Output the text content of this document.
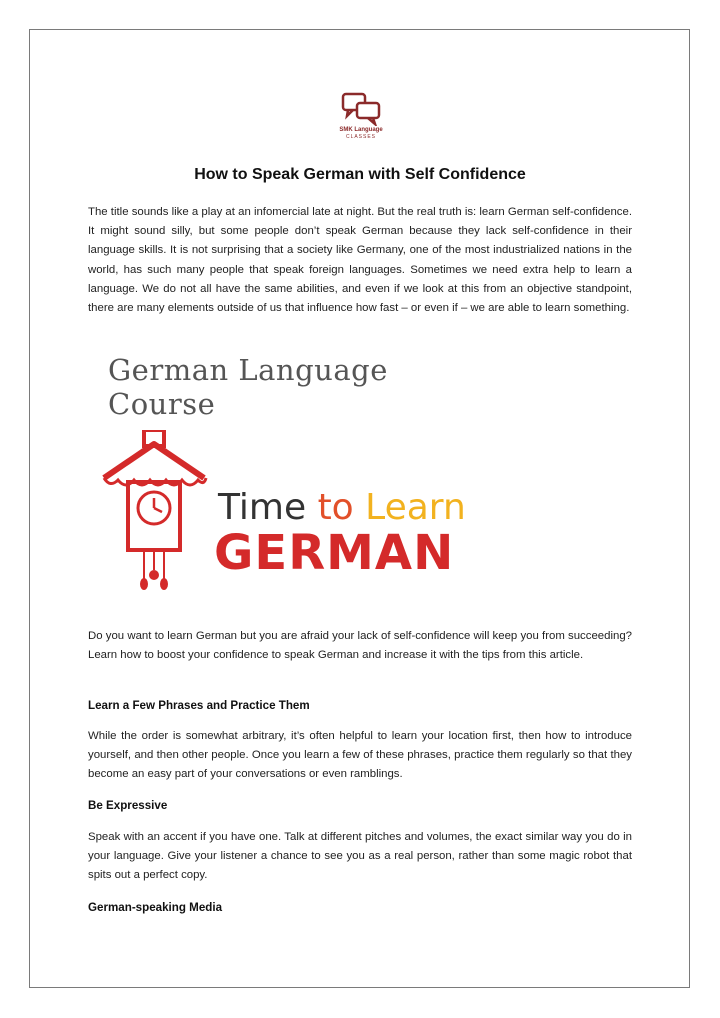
SMK Language
CLASSES
How to Speak German with Self Confidence

The title sounds like a play at an infomercial late at night. But the real truth is: learn German self-confidence. It might sound silly, but some people don’t speak German because they lack self-confidence in their language skills. It is not surprising that a society like Germany, one of the most industrialized nations in the world, has such many people that speak foreign languages. Sometimes we need extra help to learn a language. We do not all have the same abilities, and even if we look at this from an objective standpoint, there are many elements outside of us that influence how fast – or even if – we are able to learn something.

German Language
Course
Time to Learn
GERMAN

Do you want to learn German but you are afraid your lack of self-confidence will keep you from succeeding? Learn how to boost your confidence to speak German and increase it with the tips from this article.

Learn a Few Phrases and Practice Them

While the order is somewhat arbitrary, it’s often helpful to learn your location first, then how to introduce yourself, and then other people. Once you learn a few of these phrases, practice them regularly so that they become an easy part of your conversations or even ramblings.

Be Expressive

Speak with an accent if you have one. Talk at different pitches and volumes, the exact similar way you do in your language. Give your listener a chance to see you as a real person, rather than some magic robot that spits out a perfect copy.

German-speaking Media
